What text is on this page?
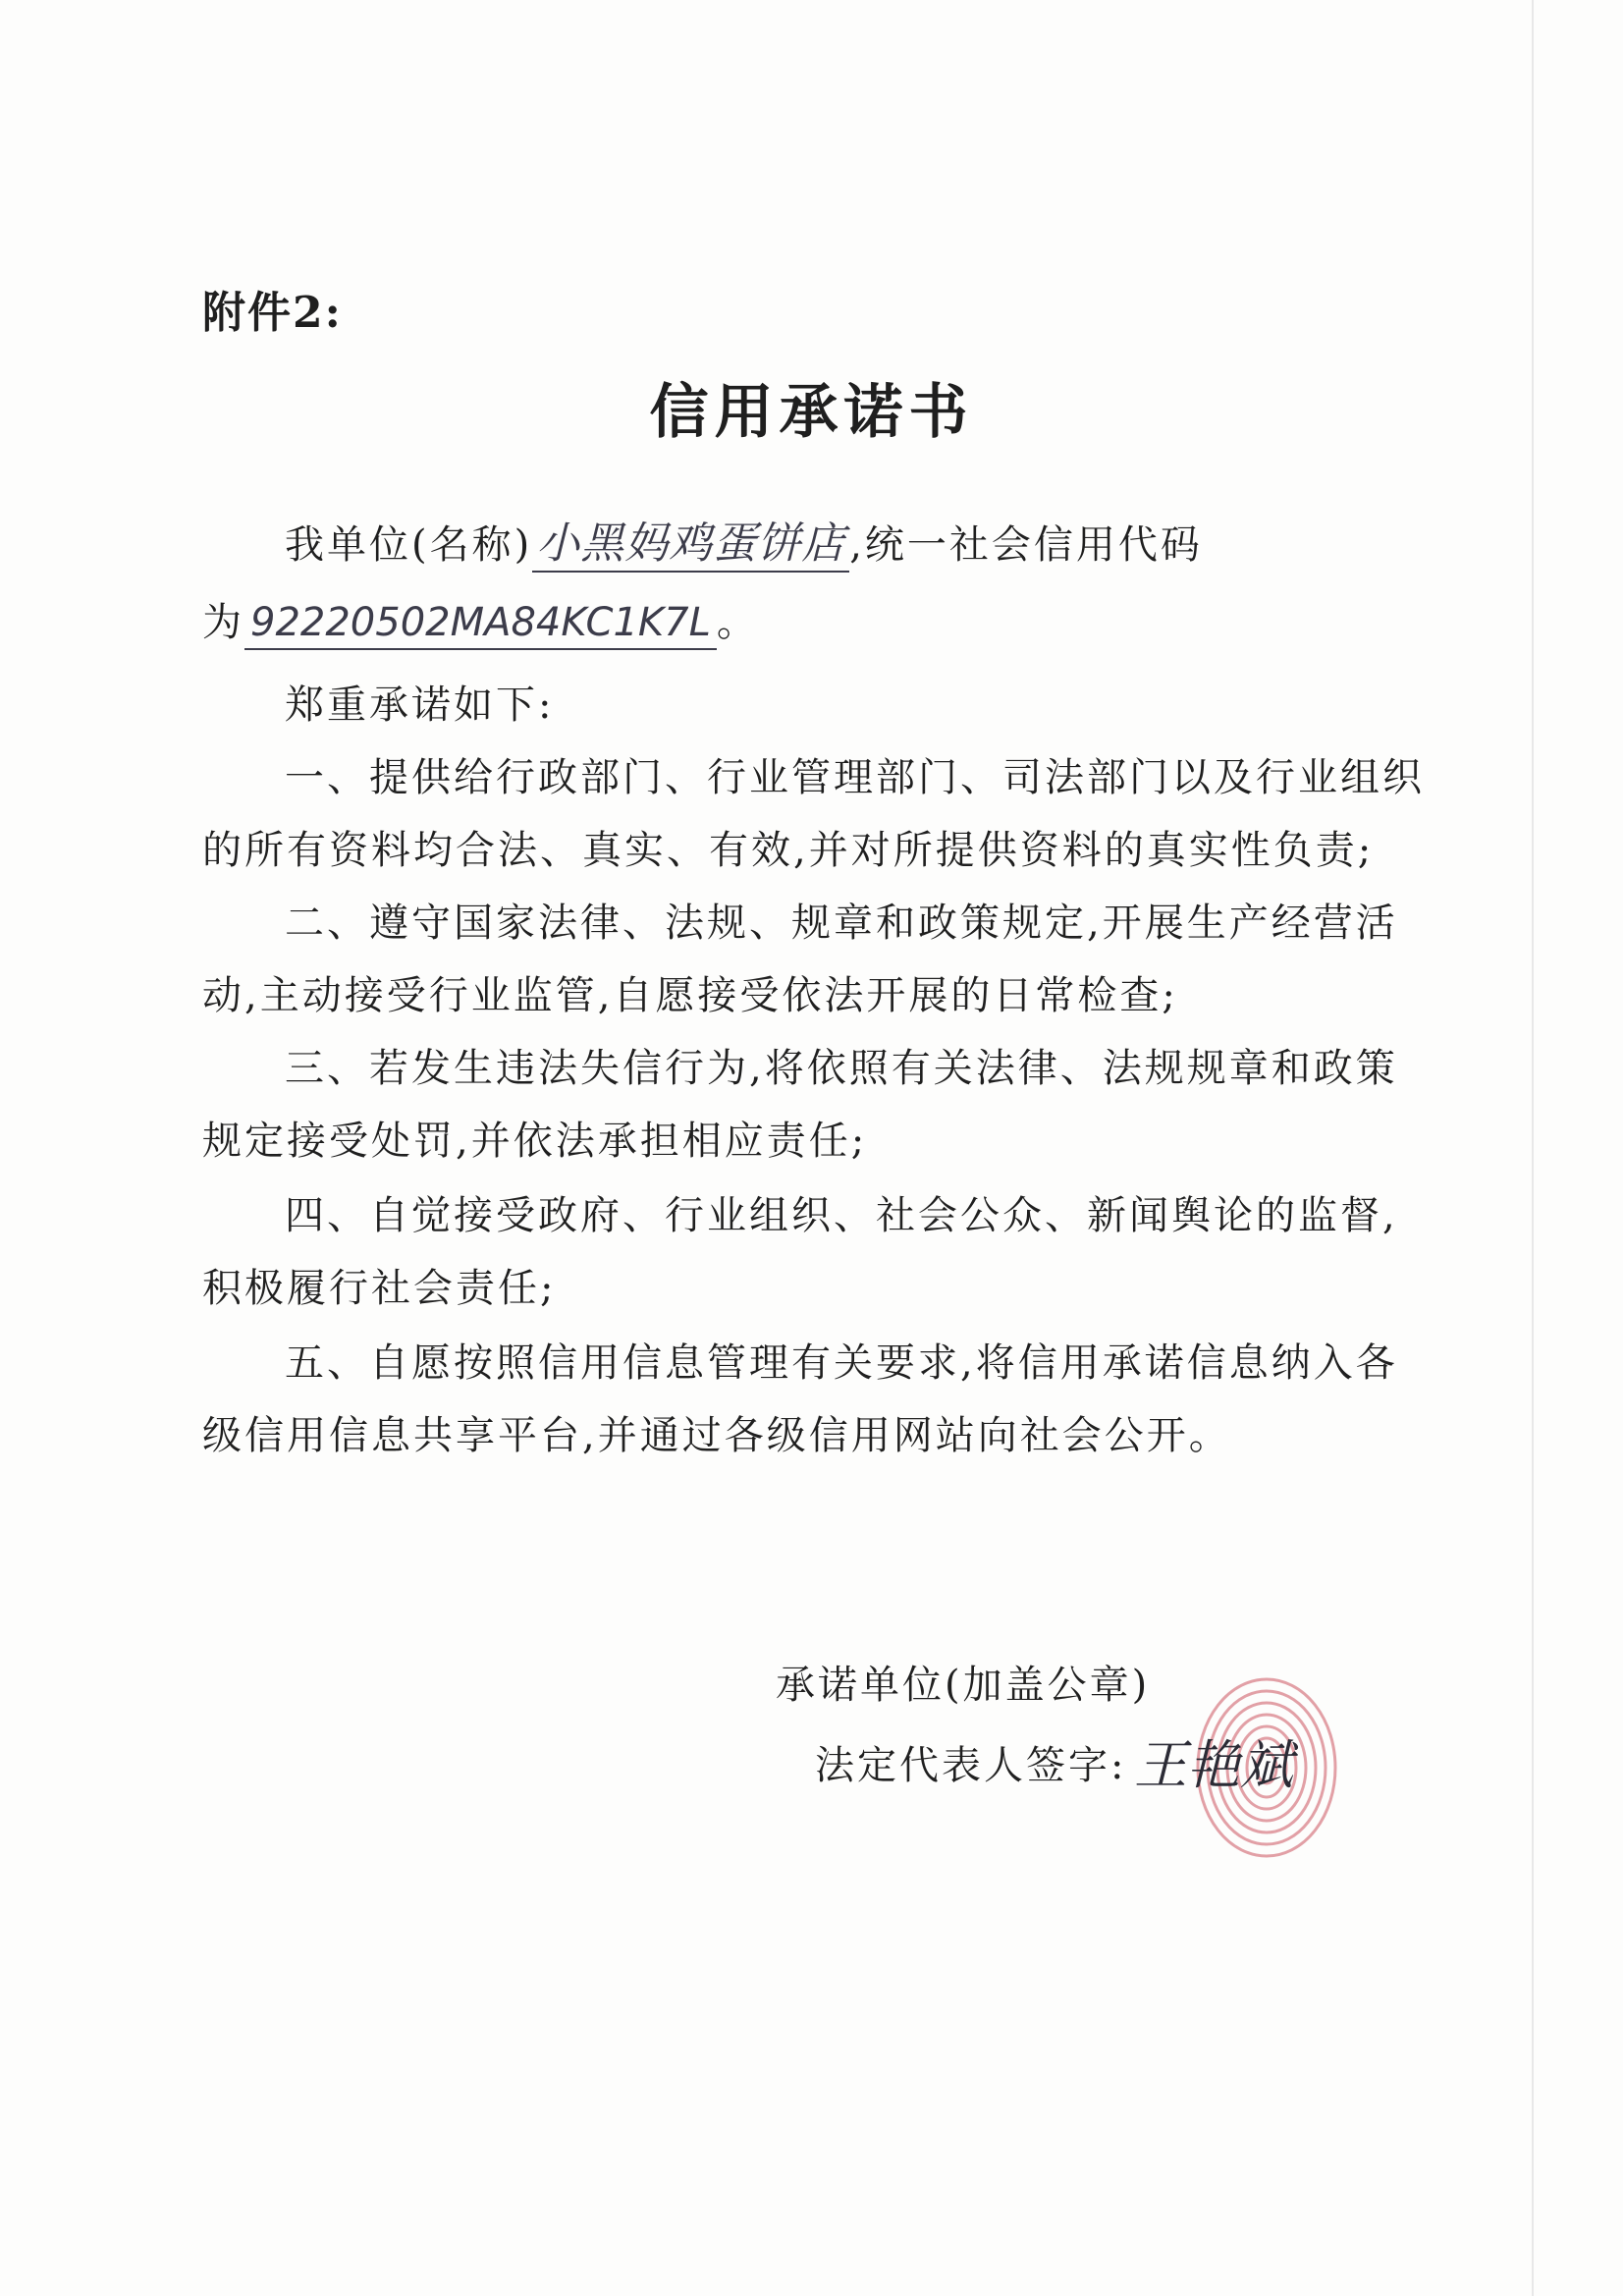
附件2:
信用承诺书
我单位(名称)小黑妈鸡蛋饼店 ,统一社会信用代码
为 92220502MA84KC1K7L 。
郑重承诺如下:
一、提供给行政部门、行业管理部门、司法部门以及行业组织
的所有资料均合法、真实、有效,并对所提供资料的真实性负责;
二、遵守国家法律、法规、规章和政策规定,开展生产经营活
动,主动接受行业监管,自愿接受依法开展的日常检查;
三、若发生违法失信行为,将依照有关法律、法规规章和政策
规定接受处罚,并依法承担相应责任;
四、自觉接受政府、行业组织、社会公众、新闻舆论的监督,
积极履行社会责任;
五、自愿按照信用信息管理有关要求,将信用承诺信息纳入各
级信用信息共享平台,并通过各级信用网站向社会公开。
承诺单位(加盖公章)
法定代表人签字: 王艳斌
